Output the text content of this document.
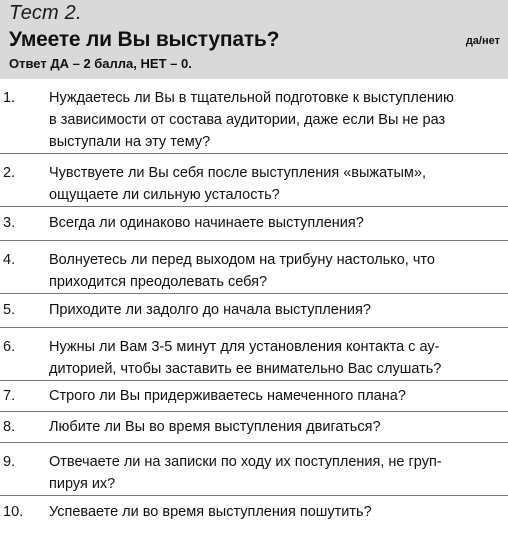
Тест 2.
Умеете ли Вы выступать?
Ответ ДА – 2 балла, НЕТ – 0.
да/нет
1. Нуждаетесь ли Вы в тщательной подготовке к выступлению
в зависимости от состава аудитории, даже если Вы не раз
выступали на эту тему?
2. Чувствуете ли Вы себя после выступления «выжатым»,
ощущаете ли сильную усталость?
3. Всегда ли одинаково начинаете выступления?
4. Волнуетесь ли перед выходом на трибуну настолько, что
приходится преодолевать себя?
5. Приходите ли задолго до начала выступления?
6. Нужны ли Вам 3-5 минут для установления контакта с ау-
диторией, чтобы заставить ее внимательно Вас слушать?
7. Строго ли Вы придерживаетесь намеченного плана?
8. Любите ли Вы во время выступления двигаться?
9. Отвечаете ли на записки по ходу их поступления, не груп-
пируя их?
10. Успеваете ли во время выступления пошутить?
